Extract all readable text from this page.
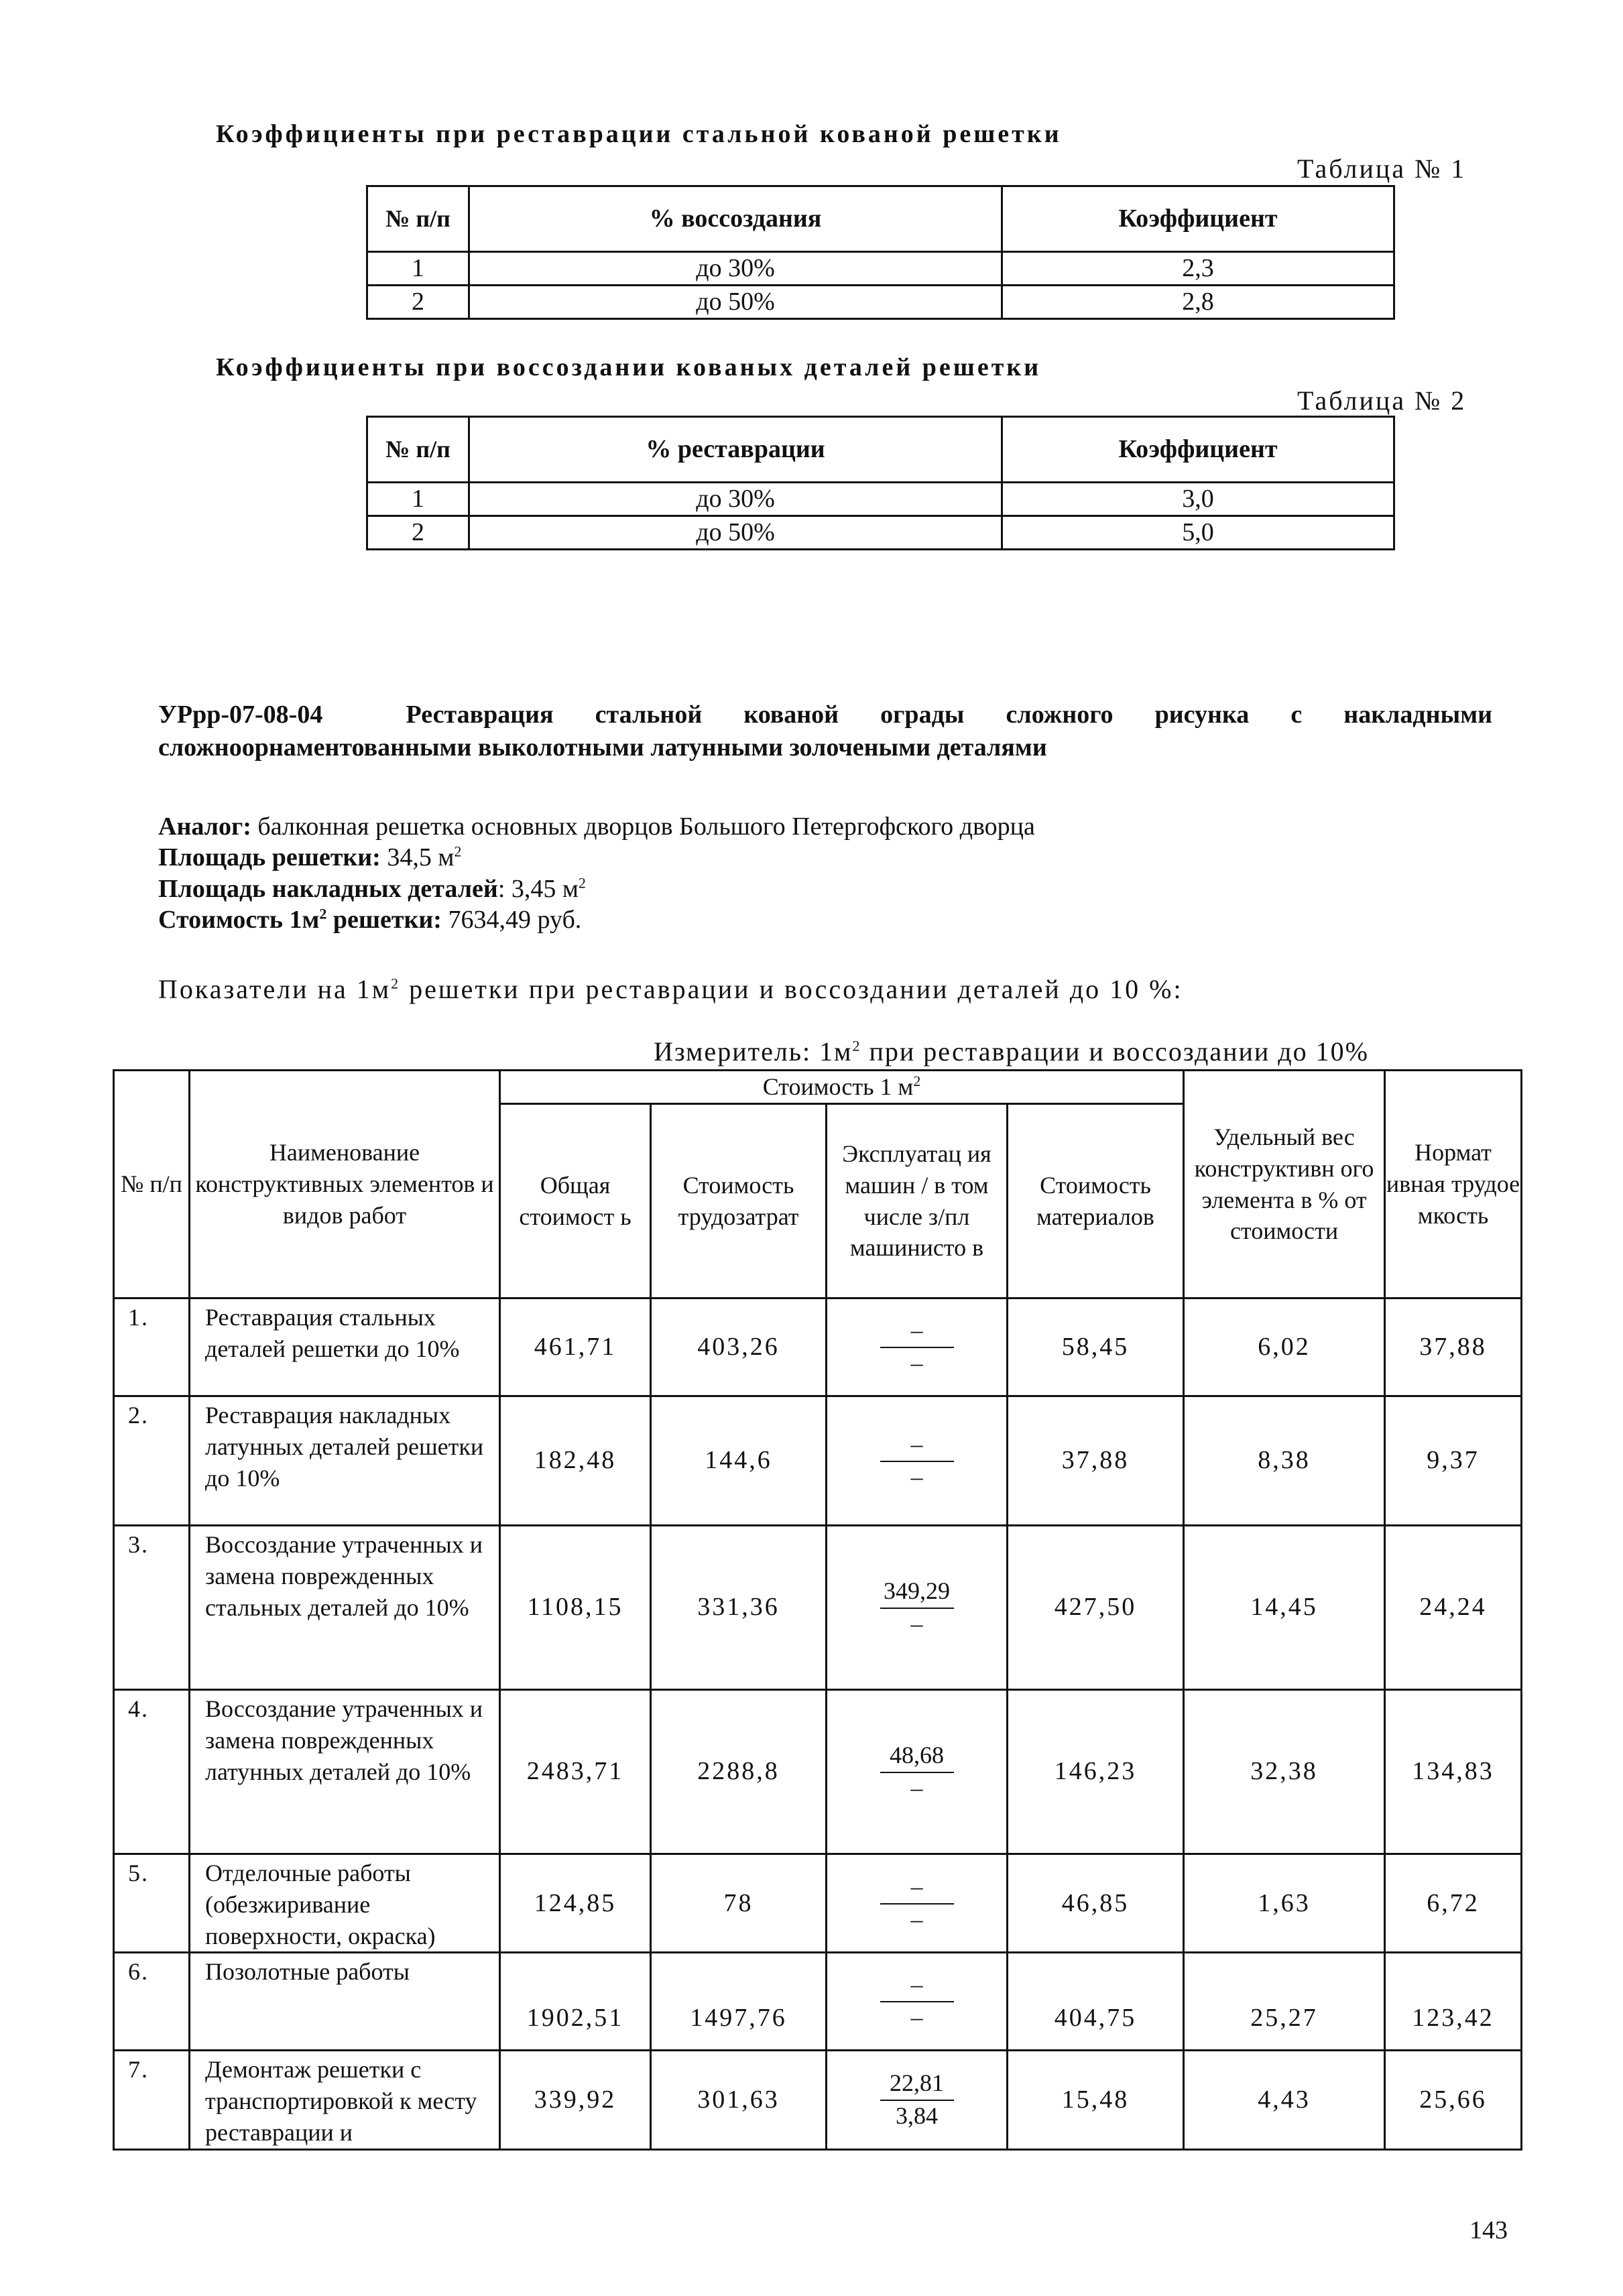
Коэффициенты при реставрации стальной кованой решетки
Таблица № 1
№ п/п	% воссоздания	Коэффициент
1	до 30%	2,3
2	до 50%	2,8
Коэффициенты при воссоздании кованых деталей решетки
Таблица № 2
№ п/п	% реставрации	Коэффициент
1	до 30%	3,0
2	до 50%	5,0
УРрр-07-08-04	Реставрация стальной кованой ограды сложного рисунка с накладными сложноорнаментованными выколотными латунными золочеными деталями
Аналог: балконная решетка основных дворцов Большого Петергофского дворца
Площадь решетки: 34,5 $м^2$
Площадь накладных деталей: 3,45 $м^2$
Стоимость $1м^2$ решетки: 7634,49 руб.
Показатели на $1м^2$ решетки при реставрации и воссоздании деталей до 10 %:
Измеритель: $1м^2$ при реставрации и воссоздании до 10%
№ п/п	Наименование конструктивных элементов и видов работ	Стоимость 1 $м^2$				Удельный вес конструктивн ого элемента в % от стоимости	Нормат ивная трудое мкость
		Общая стоимост ь	Стоимость трудозатрат	Эксплуатац ия машин / в том числе з/пл машинисто в	Стоимость материалов		
1.	Реставрация стальных деталей решетки до 10%	461,71	403,26	$\frac{-}{-}$	58,45	6,02	37,88
2.	Реставрация накладных латунных деталей решетки до 10%	182,48	144,6	$\frac{-}{-}$	37,88	8,38	9,37
3.	Воссоздание утраченных и замена поврежденных стальных деталей до 10%	1108,15	331,36	$\frac{349,29}{-}$	427,50	14,45	24,24
4.	Воссоздание утраченных и замена поврежденных латунных деталей до 10%	2483,71	2288,8	$\frac{48,68}{-}$	146,23	32,38	134,83
5.	Отделочные работы (обезжиривание поверхности, окраска)	124,85	78	$\frac{-}{-}$	46,85	1,63	6,72
6.	Позолотные работы	1902,51	1497,76	$\frac{-}{-}$	404,75	25,27	123,42
7.	Демонтаж решетки с транспортировкой к месту реставрации и	339,92	301,63	$\frac{22,81}{3,84}$	15,48	4,43	25,66
143
